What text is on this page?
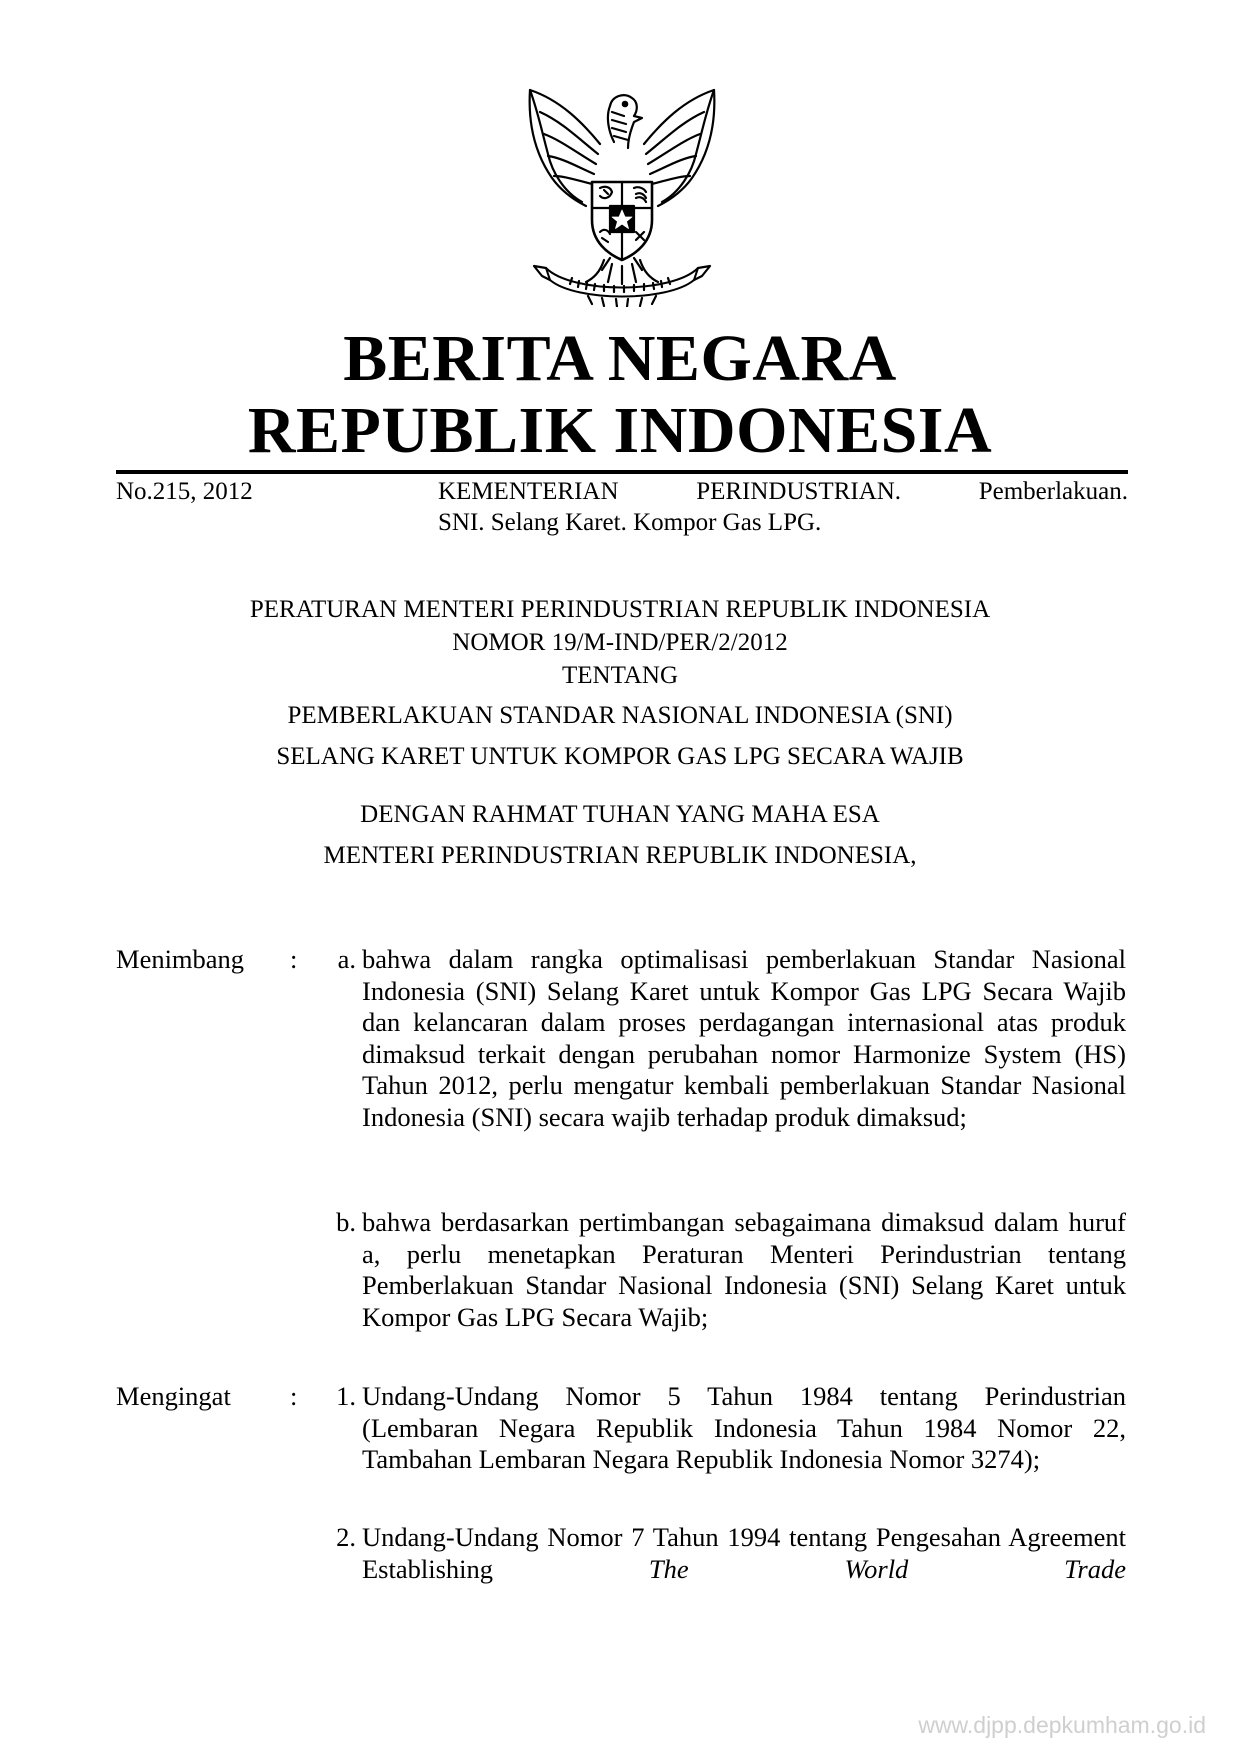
BERITA NEGARA
REPUBLIK INDONESIA
No.215, 2012	KEMENTERIAN	PERINDUSTRIAN.	Pemberlakuan.
SNI. Selang Karet. Kompor Gas LPG.
PERATURAN MENTERI PERINDUSTRIAN REPUBLIK INDONESIA
NOMOR 19/M-IND/PER/2/2012
TENTANG
PEMBERLAKUAN STANDAR NASIONAL INDONESIA (SNI)
SELANG KARET UNTUK KOMPOR GAS LPG SECARA WAJIB
DENGAN RAHMAT TUHAN YANG MAHA ESA
MENTERI PERINDUSTRIAN REPUBLIK INDONESIA,
Menimbang :	a. bahwa dalam rangka optimalisasi pemberlakuan Standar Nasional Indonesia (SNI) Selang Karet untuk Kompor Gas LPG Secara Wajib dan kelancaran dalam proses perdagangan internasional atas produk dimaksud terkait dengan perubahan nomor Harmonize System (HS) Tahun 2012, perlu mengatur kembali pemberlakuan Standar Nasional Indonesia (SNI) secara wajib terhadap produk dimaksud;
b. bahwa berdasarkan pertimbangan sebagaimana dimaksud dalam huruf a, perlu menetapkan Peraturan Menteri Perindustrian tentang Pemberlakuan Standar Nasional Indonesia (SNI) Selang Karet untuk Kompor Gas LPG Secara Wajib;
Mengingat :	1. Undang-Undang Nomor 5 Tahun 1984 tentang Perindustrian (Lembaran Negara Republik Indonesia Tahun 1984 Nomor 22, Tambahan Lembaran Negara Republik Indonesia Nomor 3274);
2. Undang-Undang Nomor 7 Tahun 1994 tentang Pengesahan Agreement Establishing	The World Trade
www.djpp.depkumham.go.id
